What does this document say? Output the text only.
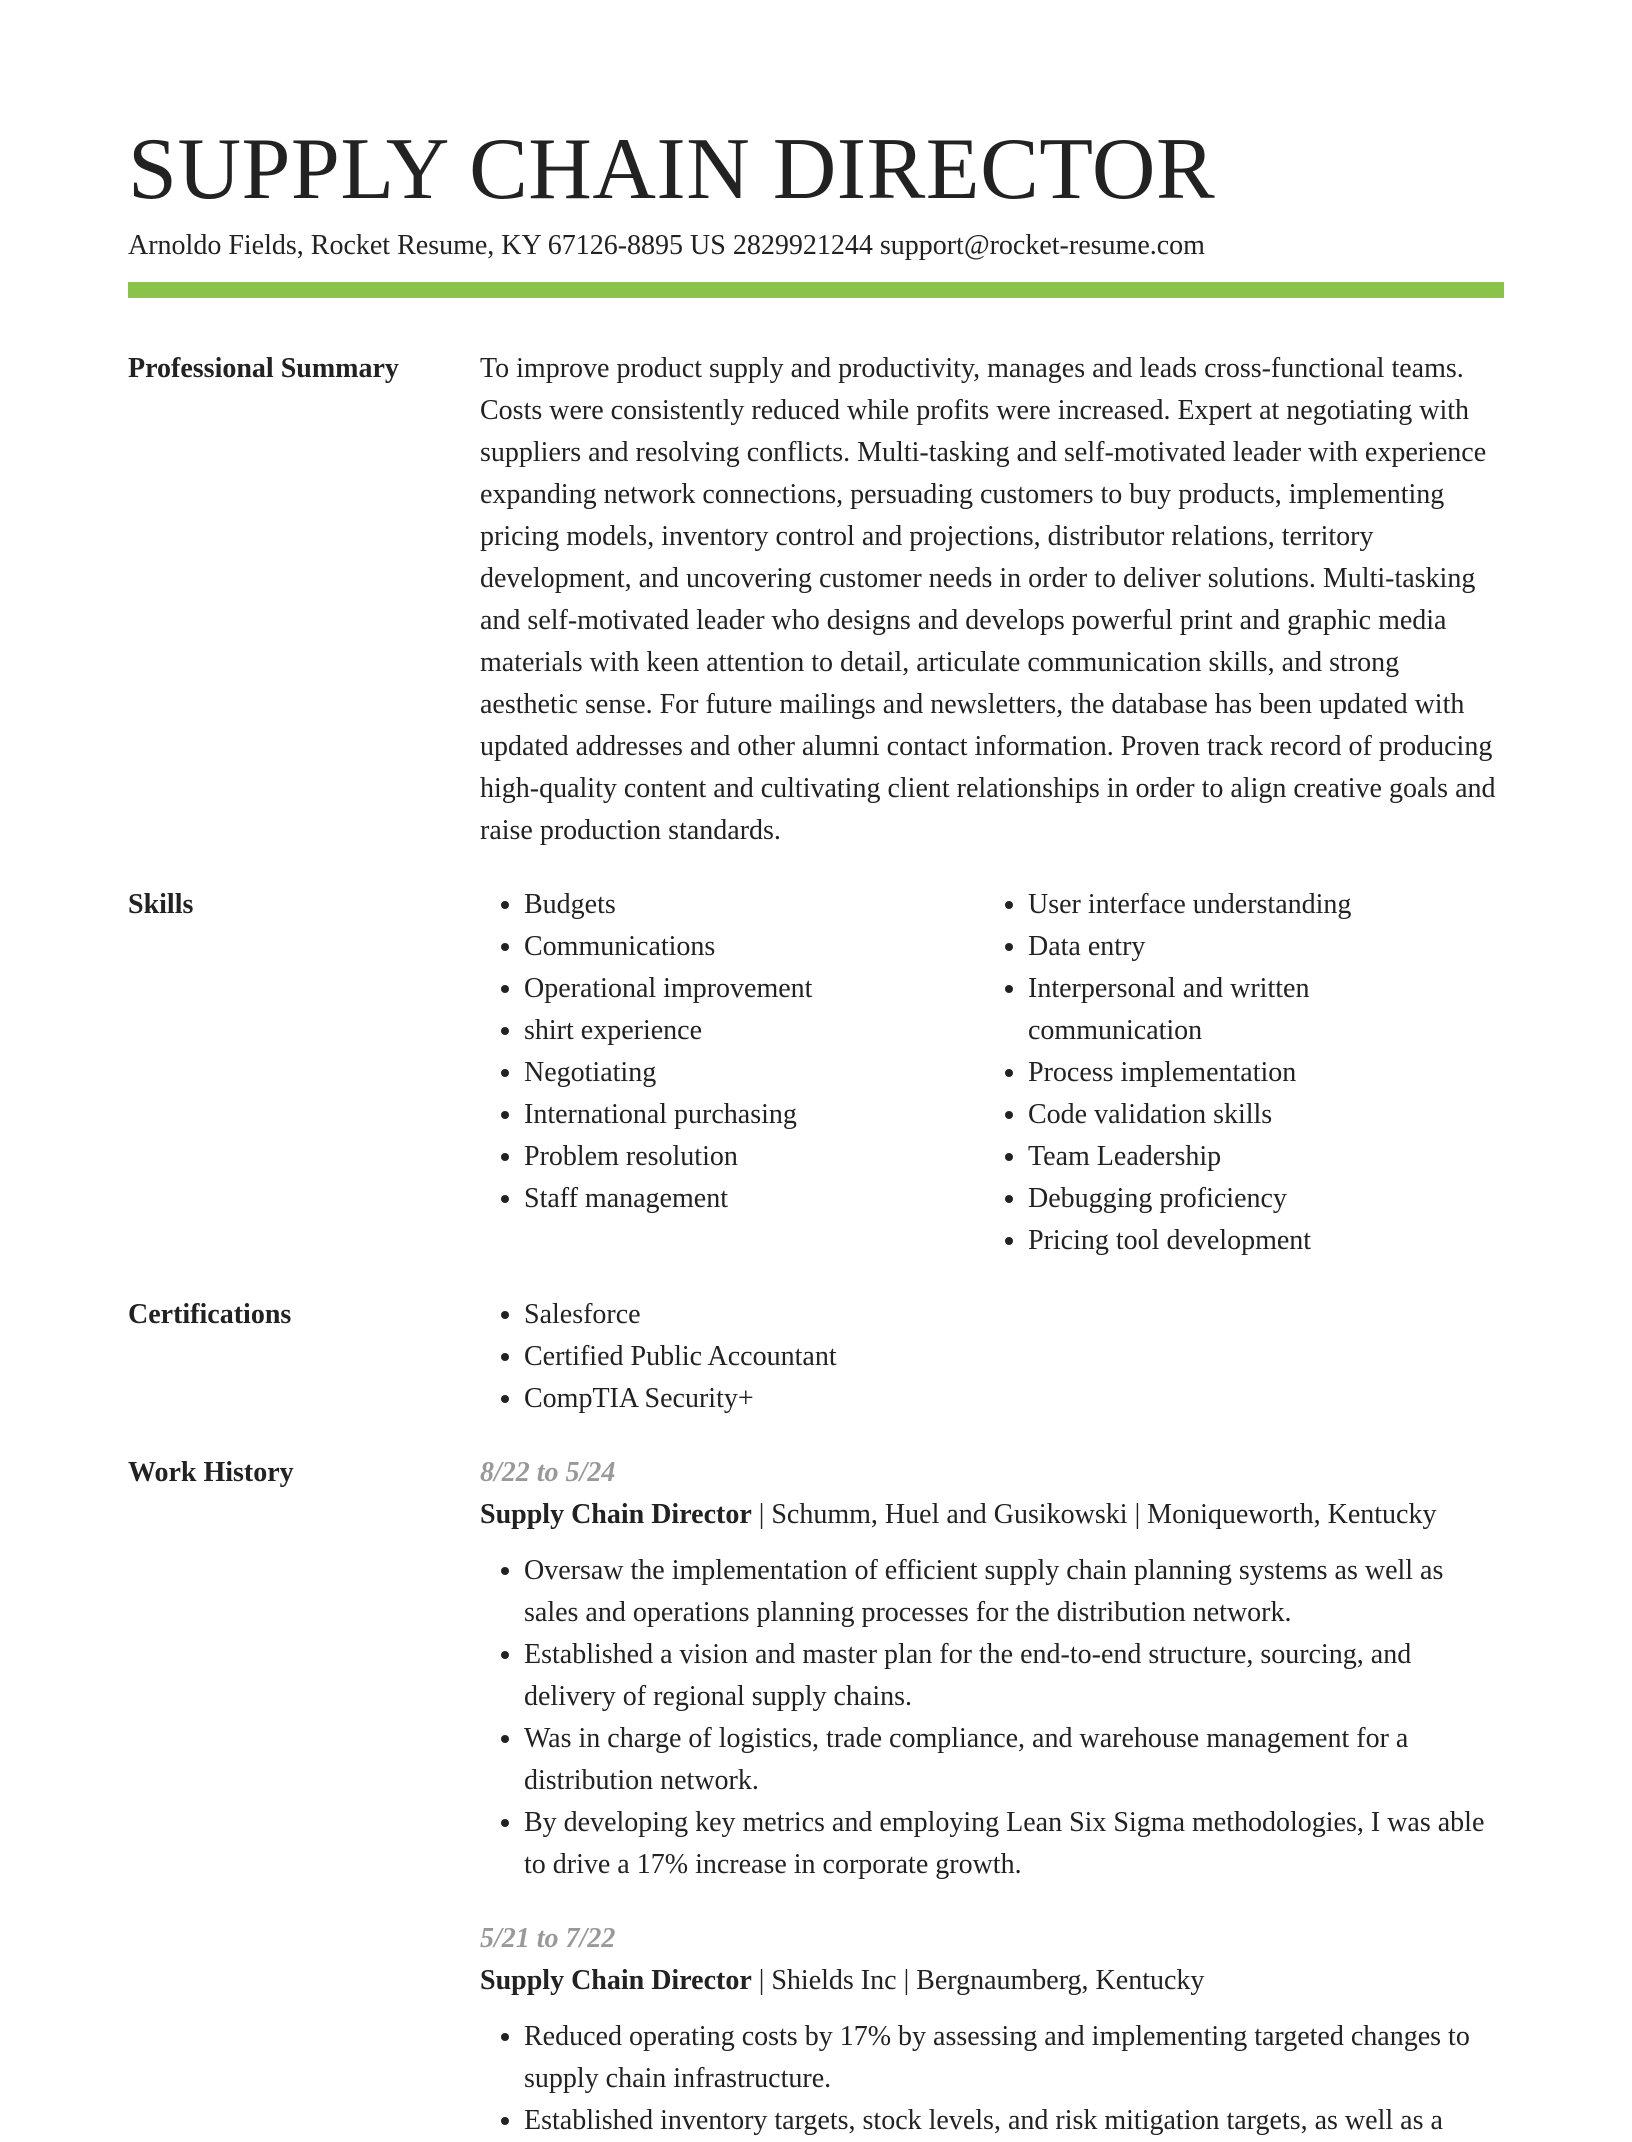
SUPPLY CHAIN DIRECTOR
Arnoldo Fields, Rocket Resume, KY 67126-8895 US 2829921244 support@rocket-resume.com
Professional Summary	To improve product supply and productivity, manages and leads cross-functional teams. Costs were consistently reduced while profits were increased. Expert at negotiating with suppliers and resolving conflicts. Multi-tasking and self-motivated leader with experience expanding network connections, persuading customers to buy products, implementing pricing models, inventory control and projections, distributor relations, territory development, and uncovering customer needs in order to deliver solutions. Multi-tasking and self-motivated leader who designs and develops powerful print and graphic media materials with keen attention to detail, articulate communication skills, and strong aesthetic sense. For future mailings and newsletters, the database has been updated with updated addresses and other alumni contact information. Proven track record of producing high-quality content and cultivating client relationships in order to align creative goals and raise production standards.
Skills	• Budgets
• Communications
• Operational improvement
• shirt experience
• Negotiating
• International purchasing
• Problem resolution
• Staff management
• User interface understanding
• Data entry
• Interpersonal and written communication
• Process implementation
• Code validation skills
• Team Leadership
• Debugging proficiency
• Pricing tool development
Certifications	• Salesforce
• Certified Public Accountant
• CompTIA Security+
Work History	8/22 to 5/24
Supply Chain Director | Schumm, Huel and Gusikowski | Moniqueworth, Kentucky
• Oversaw the implementation of efficient supply chain planning systems as well as sales and operations planning processes for the distribution network.
• Established a vision and master plan for the end-to-end structure, sourcing, and delivery of regional supply chains.
• Was in charge of logistics, trade compliance, and warehouse management for a distribution network.
• By developing key metrics and employing Lean Six Sigma methodologies, I was able to drive a 17% increase in corporate growth.
5/21 to 7/22
Supply Chain Director | Shields Inc | Bergnaumberg, Kentucky
• Reduced operating costs by 17% by assessing and implementing targeted changes to supply chain infrastructure.
• Established inventory targets, stock levels, and risk mitigation targets, as well as a
